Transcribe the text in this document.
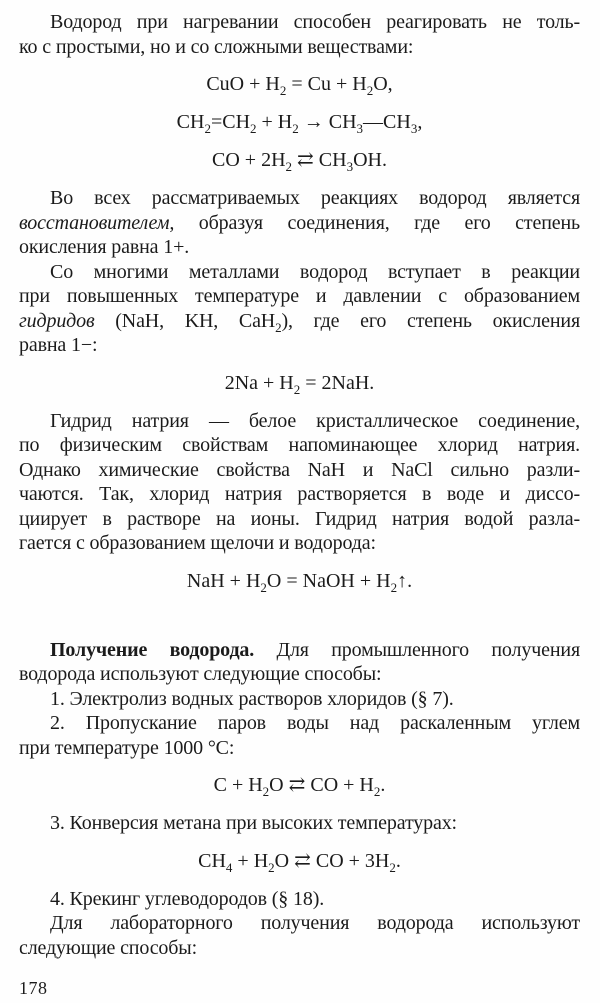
Водород при нагревании способен реагировать не толь-
ко с простыми, но и со сложными веществами:
CuO + $H_2 = Cu + H_2O$,
$CH_2=CH_2 + H_2$ → $CH_3—CH_3$,
CO + $2H_2$ ⇄ $CH_3OH$.
Во всех рассматриваемых реакциях водород является
восстановителем, образуя соединения, где его степень
окисления равна 1+.
Со многими металлами водород вступает в реакции
при повышенных температуре и давлении с образованием
гидридов (NaH, KH, CaH$_2$), где его степень окисления
равна 1−:
$2Na + H_2 = 2NaH$.
Гидрид натрия — белое кристаллическое соединение,
по физическим свойствам напоминающее хлорид натрия.
Однако химические свойства NaH и NaCl сильно разли-
чаются. Так, хлорид натрия растворяется в воде и диссо-
циирует в растворе на ионы. Гидрид натрия водой разла-
гается с образованием щелочи и водорода:
NaH + $H_2O$ = NaOH + $H_2↑$.
Получение водорода. Для промышленного получения
водорода используют следующие способы:
1. Электролиз водных растворов хлоридов (§ 7).
2. Пропускание паров воды над раскаленным углем
при температуре 1000 °С:
$C + H_2O$ ⇄ CO + $H_2$.
3. Конверсия метана при высоких температурах:
$CH_4 + H_2O$ ⇄ CO + $3H_2$.
4. Крекинг углеводородов (§ 18).
Для лабораторного получения водорода используют
следующие способы:
178
